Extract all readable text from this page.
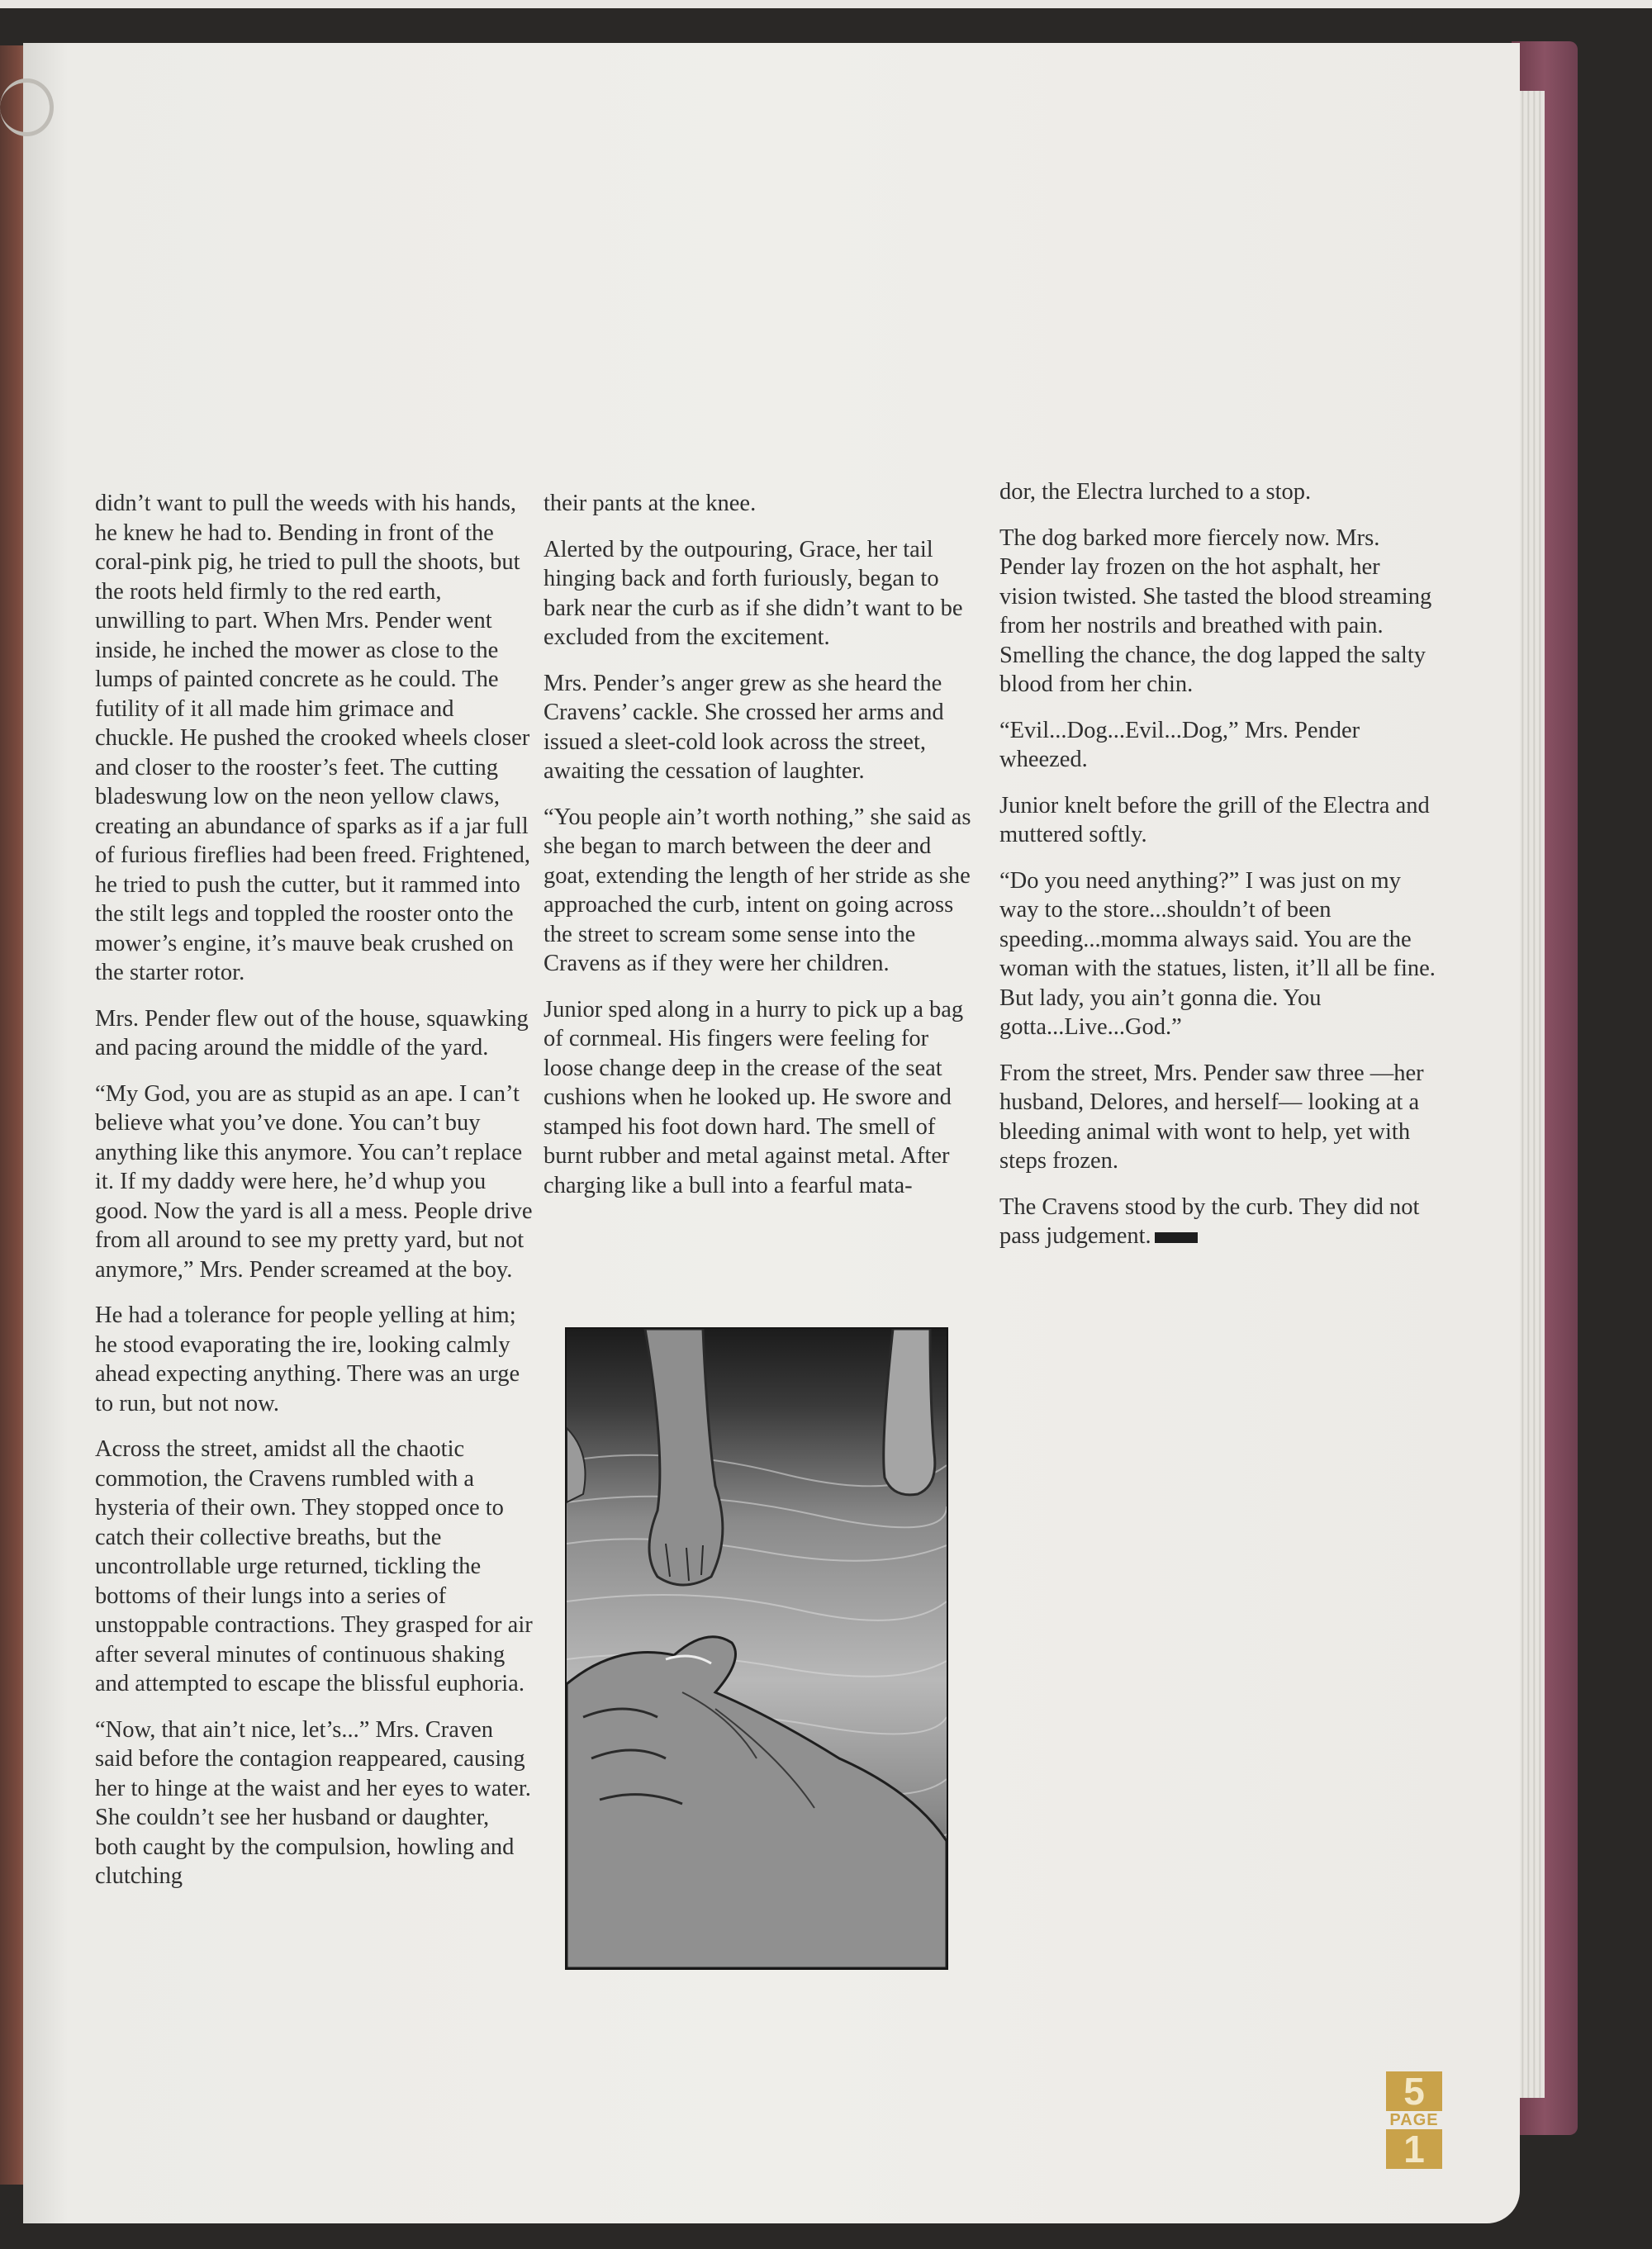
didn’t want to pull the weeds with his hands, he knew he had to. Bending in front of the coral-pink pig, he tried to pull the shoots, but the roots held firmly to the red earth, unwilling to part. When Mrs. Pender went inside, he inched the mower as close to the lumps of painted concrete as he could. The futility of it all made him grimace and chuckle. He pushed the crooked wheels closer and closer to the rooster’s feet. The cutting bladeswung low on the neon yellow claws, creating an abundance of sparks as if a jar full of furious fireflies had been freed. Frightened, he tried to push the cutter, but it rammed into the stilt legs and toppled the rooster onto the mower’s engine, it’s mauve beak crushed on the starter rotor.

Mrs. Pender flew out of the house, squawking and pacing around the middle of the yard.

“My God, you are as stupid as an ape. I can’t believe what you’ve done. You can’t buy anything like this anymore. You can’t replace it. If my daddy were here, he’d whup you good. Now the yard is all a mess. People drive from all around to see my pretty yard, but not anymore,” Mrs. Pender screamed at the boy.

He had a tolerance for people yelling at him; he stood evaporating the ire, looking calmly ahead expecting anything. There was an urge to run, but not now.

Across the street, amidst all the chaotic commotion, the Cravens rumbled with a hysteria of their own. They stopped once to catch their collective breaths, but the uncontrollable urge returned, tickling the bottoms of their lungs into a series of unstoppable contractions. They grasped for air after several minutes of continuous shaking and attempted to escape the blissful euphoria.

“Now, that ain’t nice, let’s...” Mrs. Craven said before the contagion reappeared, causing her to hinge at the waist and her eyes to water. She couldn’t see her husband or daughter, both caught by the compulsion, howling and clutching

their pants at the knee.

Alerted by the outpouring, Grace, her tail hinging back and forth furiously, began to bark near the curb as if she didn’t want to be excluded from the excitement.

Mrs. Pender’s anger grew as she heard the Cravens’ cackle. She crossed her arms and issued a sleet-cold look across the street, awaiting the cessation of laughter.

“You people ain’t worth nothing,” she said as she began to march between the deer and goat, extending the length of her stride as she approached the curb, intent on going across the street to scream some sense into the Cravens as if they were her children.

Junior sped along in a hurry to pick up a bag of cornmeal. His fingers were feeling for loose change deep in the crease of the seat cushions when he looked up. He swore and stamped his foot down hard. The smell of burnt rubber and metal against metal. After charging like a bull into a fearful mata-

dor, the Electra lurched to a stop.

The dog barked more fiercely now. Mrs. Pender lay frozen on the hot asphalt, her vision twisted. She tasted the blood streaming from her nostrils and breathed with pain. Smelling the chance, the dog lapped the salty blood from her chin.

“Evil...Dog...Evil...Dog,” Mrs. Pender wheezed.

Junior knelt before the grill of the Electra and muttered softly.

“Do you need anything?” I was just on my way to the store...shouldn’t of been speeding...momma always said. You are the woman with the statues, listen, it’ll all be fine. But lady, you ain’t gonna die. You gotta...Live...God.”

From the street, Mrs. Pender saw three —her husband, Delores, and herself— looking at a bleeding animal with wont to help, yet with steps frozen.

The Cravens stood by the curb. They did not pass judgement.

5
PAGE
1
